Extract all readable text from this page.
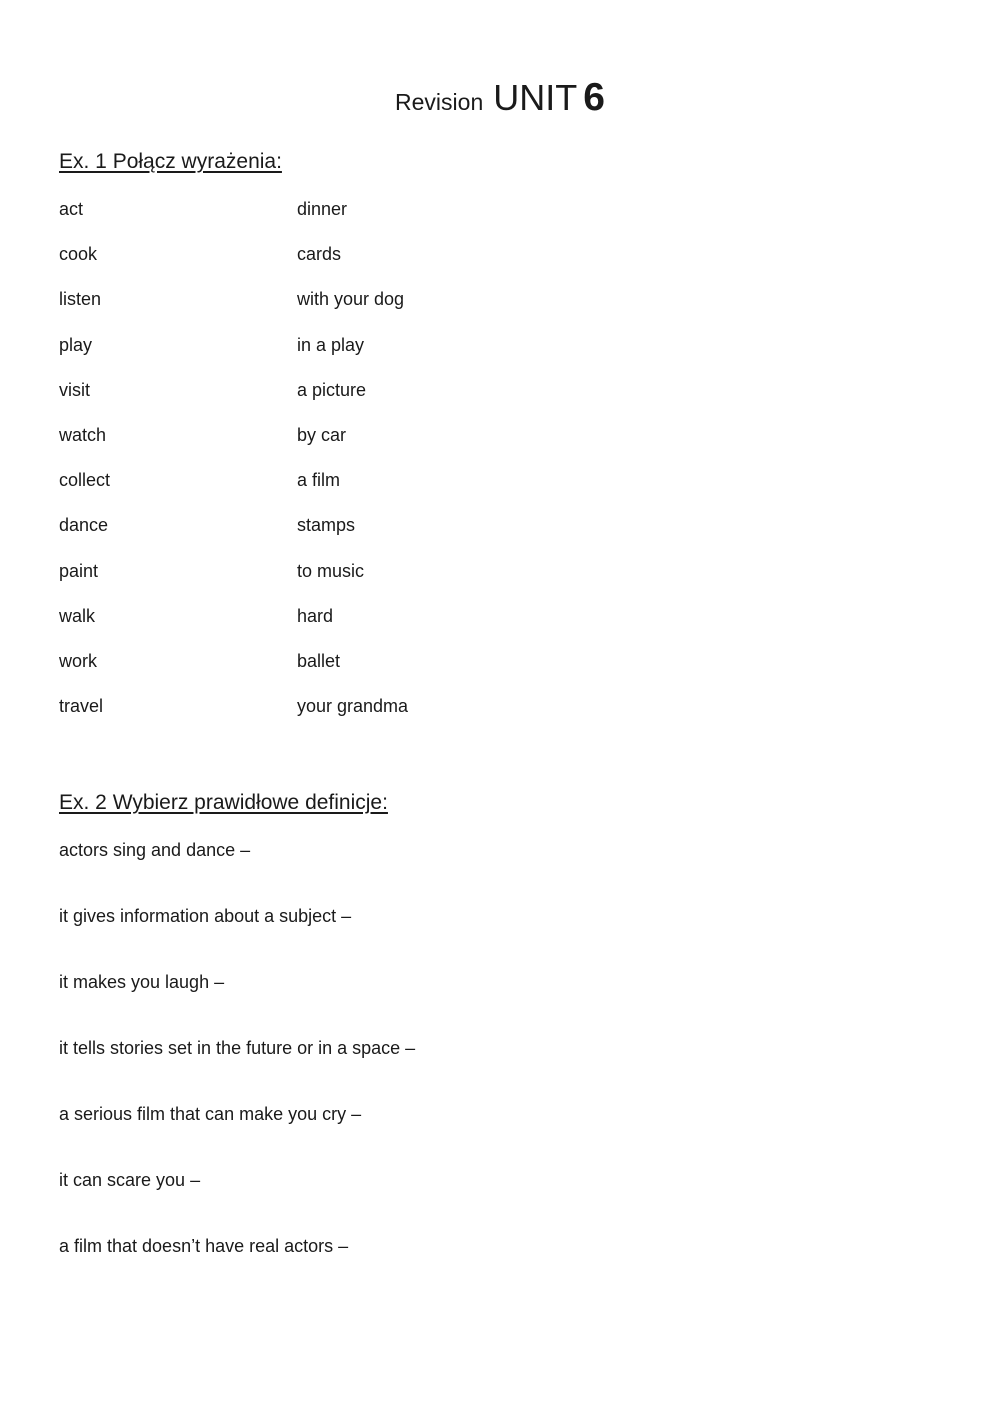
Revision UNIT 6
Ex. 1 Połącz wyrażenia:
act	dinner
cook	cards
listen	with your dog
play	in a play
visit	a picture
watch	by car
collect	a film
dance	stamps
paint	to music
walk	hard
work	ballet
travel	your grandma
Ex. 2 Wybierz prawidłowe definicje:
actors sing and dance –
it gives information about a subject –
it makes you laugh –
it tells stories set in the future or in a space –
a serious film that can make you cry –
it can scare you –
a film that doesn’t have real actors –
